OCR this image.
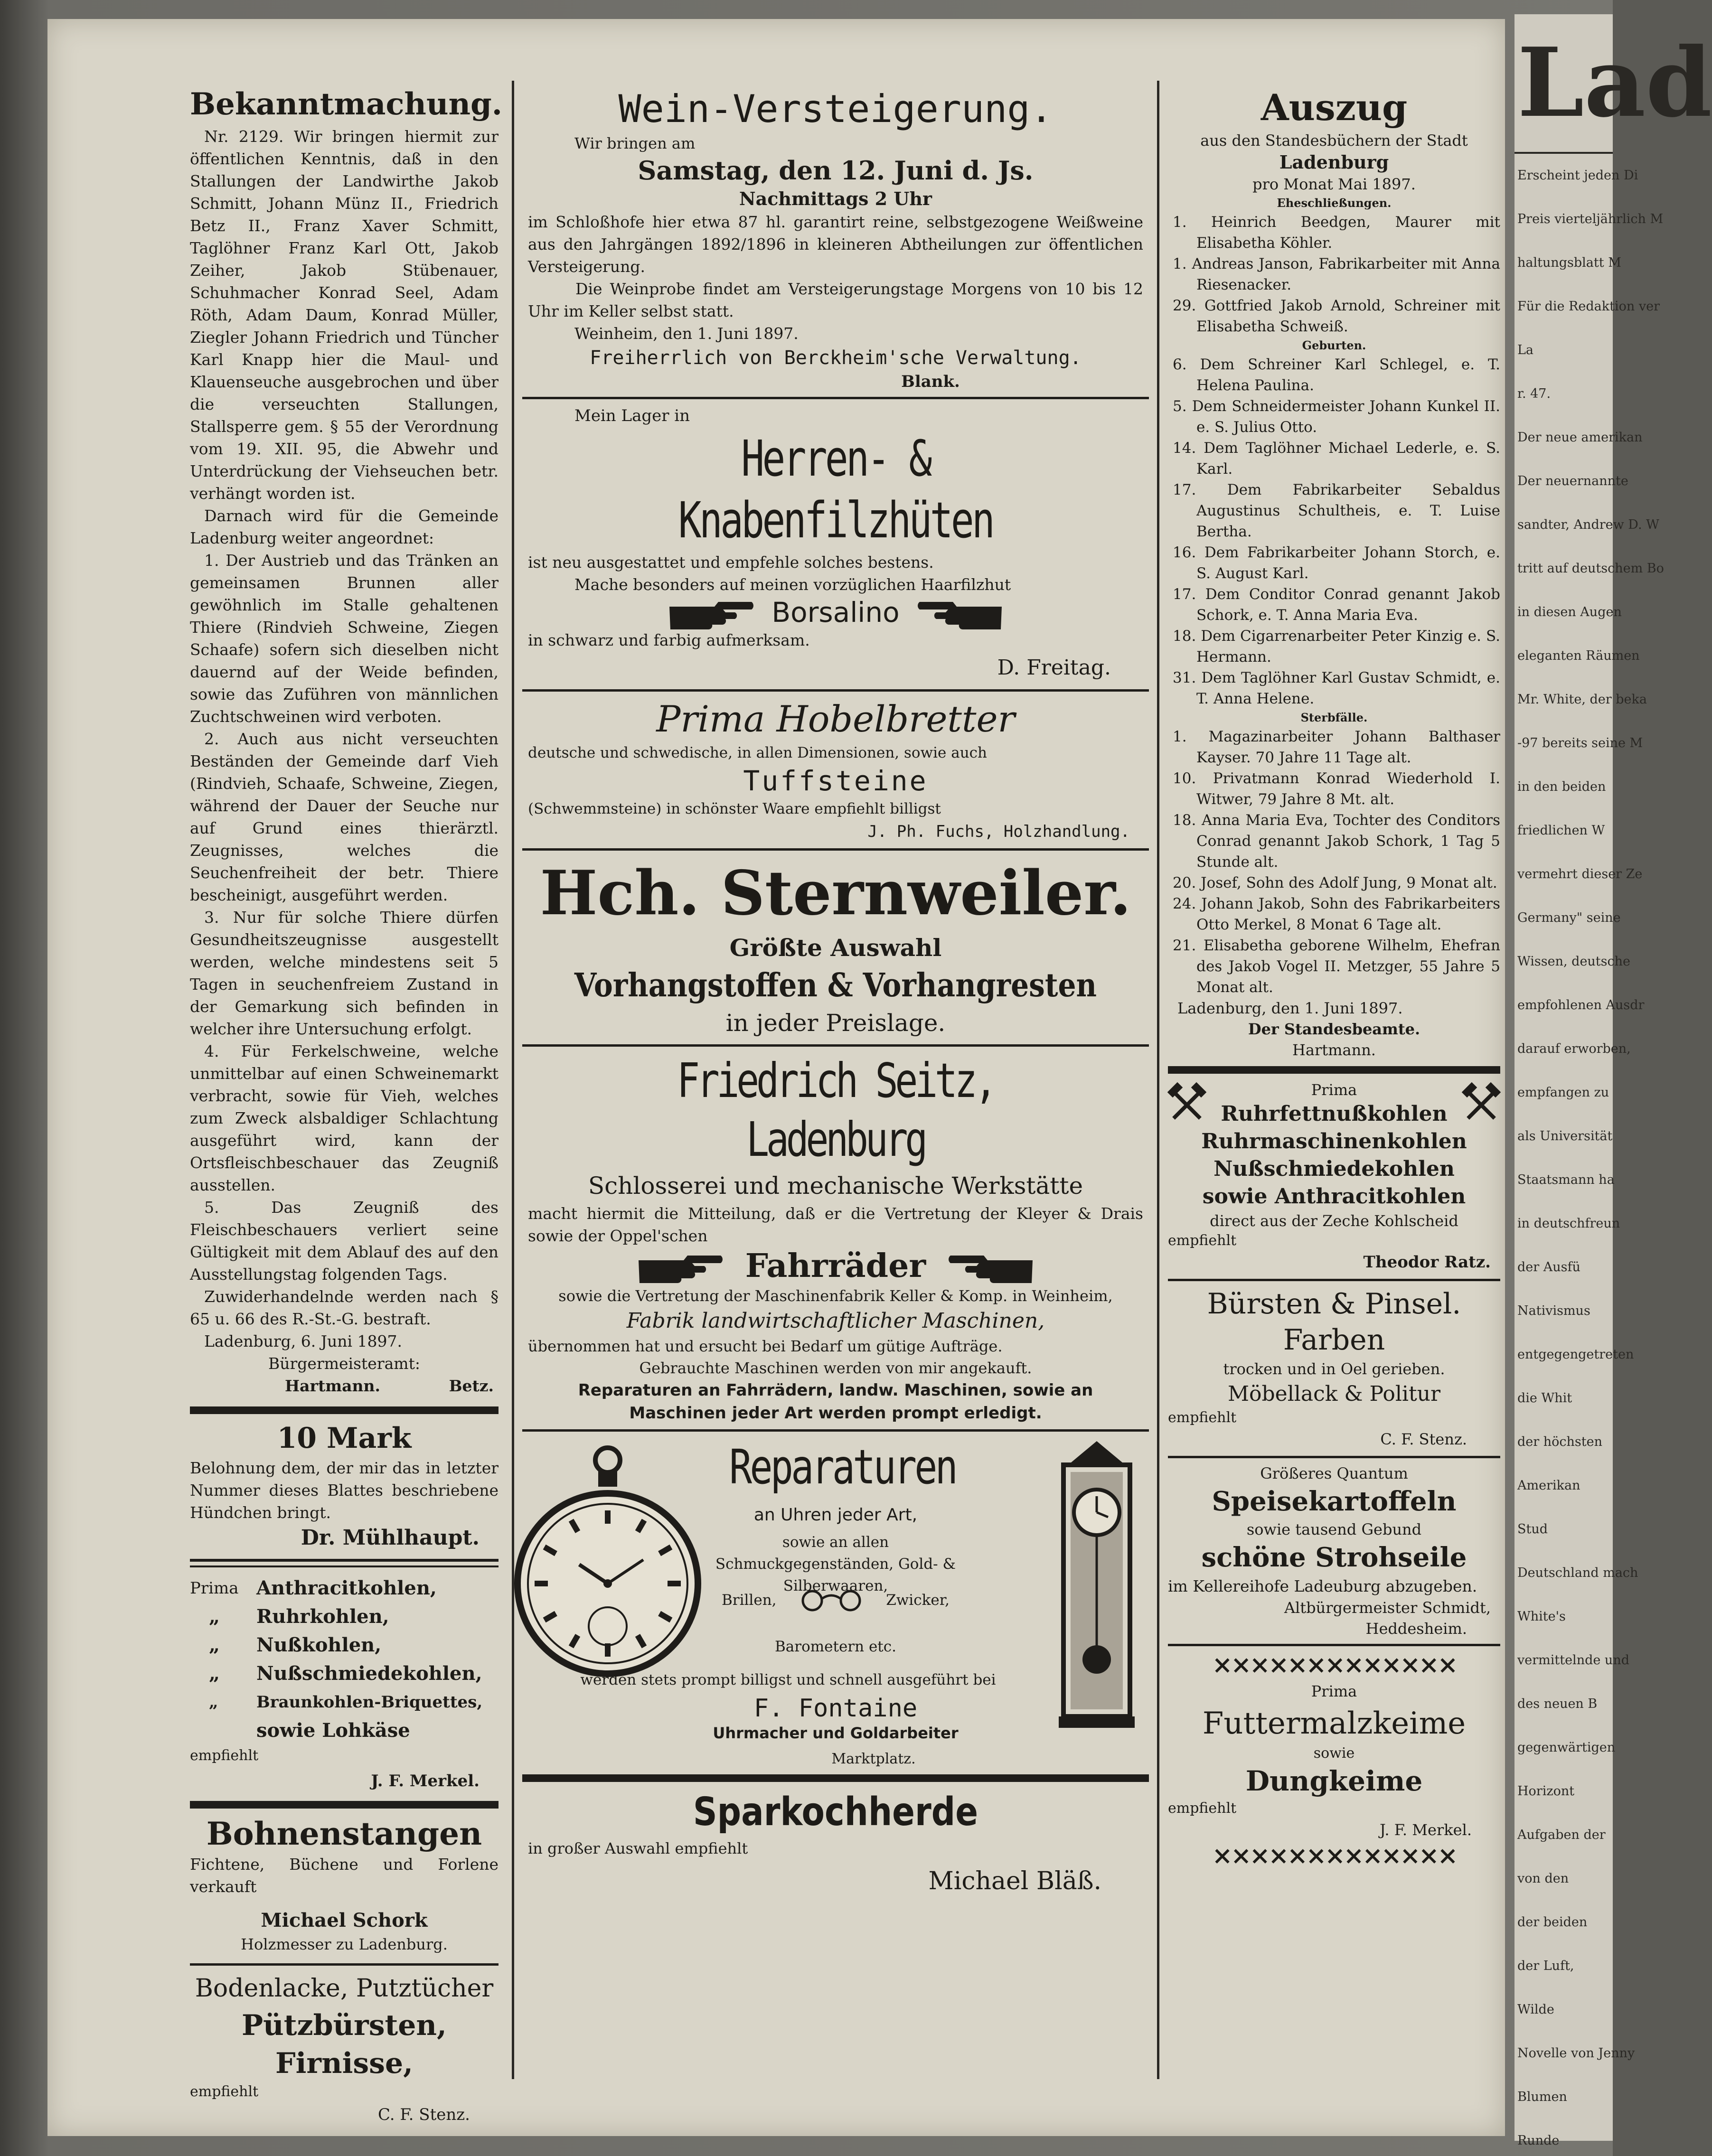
Lad
Erscheint jeden Di
Preis vierteljährlich M
haltungsblatt M
Für die Redaktion ver
La
r. 47.
Der neue amerikan
Der neuernannte
sandter, Andrew D. W
tritt auf deutschem Bo
in diesen Augen
eleganten Räumen
Mr. White, der beka
-97 bereits seine M
in den beiden
friedlichen W
vermehrt dieser Ze
Germany" seine
Wissen, deutsche
empfohlenen Ausdr
darauf erworben,
empfangen zu
als Universität
Staatsmann ha
in deutschfreun
der Ausfü
Nativismus
entgegengetreten
die Whit
der höchsten
Amerikan
Stud
Deutschland mach
White's
vermittelnde und
des neuen B
gegenwärtigen
Horizont
Aufgaben der
von den
der beiden
der Luft,
Wilde
Novelle von Jenny
Blumen
Runde
Bekanntmachung.
Nr. 2129. Wir bringen hiermit zur öffentlichen Kenntnis, daß in den Stallungen der Landwirthe Jakob Schmitt, Johann Münz II., Friedrich Betz II., Franz Xaver Schmitt, Taglöhner Franz Karl Ott, Jakob Zeiher, Jakob Stübenauer, Schuhmacher Konrad Seel, Adam Röth, Adam Daum, Konrad Müller, Ziegler Johann Friedrich und Tüncher Karl Knapp hier die Maul- und Klauenseuche ausgebrochen und über die verseuchten Stallungen, Stallsperre gem. § 55 der Verordnung vom 19. XII. 95, die Abwehr und Unterdrückung der Viehseuchen betr. verhängt worden ist.
Darnach wird für die Gemeinde Ladenburg weiter angeordnet:
1. Der Austrieb und das Tränken an gemeinsamen Brunnen aller gewöhnlich im Stalle gehaltenen Thiere (Rindvieh Schweine, Ziegen Schaafe) sofern sich dieselben nicht dauernd auf der Weide befinden, sowie das Zuführen von männlichen Zuchtschweinen wird verboten.
2. Auch aus nicht verseuchten Beständen der Gemeinde darf Vieh (Rindvieh, Schaafe, Schweine, Ziegen, während der Dauer der Seuche nur auf Grund eines thierärztl. Zeugnisses, welches die Seuchenfreiheit der betr. Thiere bescheinigt, ausgeführt werden.
3. Nur für solche Thiere dürfen Gesundheitszeugnisse ausgestellt werden, welche mindestens seit 5 Tagen in seuchenfreiem Zustand in der Gemarkung sich befinden in welcher ihre Untersuchung erfolgt.
4. Für Ferkelschweine, welche unmittelbar auf einen Schweinemarkt verbracht, sowie für Vieh, welches zum Zweck alsbaldiger Schlachtung ausgeführt wird, kann der Ortsfleischbeschauer das Zeugniß ausstellen.
5. Das Zeugniß des Fleischbeschauers verliert seine Gültigkeit mit dem Ablauf des auf den Ausstellungstag folgenden Tags.
Zuwiderhandelnde werden nach § 65 u. 66 des R.-St.-G. bestraft.
Ladenburg, 6. Juni 1897.
Bürgermeisteramt:
Hartmann.	Betz.
10 Mark
Belohnung dem, der mir das in letzter Nummer dieses Blattes beschriebene Hündchen bringt.
Dr. Mühlhaupt.
Prima Anthracitkohlen,
„	Ruhrkohlen,
„	Nußkohlen,
„	Nußschmiedekohlen,
„	Braunkohlen-Briquettes,
sowie Lohkäse
empfiehlt
J. F. Merkel.
Bohnenstangen
Fichtene, Büchene und Forlene verkauft
Michael Schork
Holzmesser zu Ladenburg.
Bodenlacke, Putztücher
Pützbürsten, Firnisse,
empfiehlt
C. F. Stenz.
Wein-Versteigerung.
Wir bringen am
Samstag, den 12. Juni d. Js.
Nachmittags 2 Uhr
im Schloßhofe hier etwa 87 hl. garantirt reine, selbstgezogene Weißweine aus den Jahrgängen 1892/1896 in kleineren Abtheilungen zur öffentlichen Versteigerung.
Die Weinprobe findet am Versteigerungstage Morgens von 10 bis 12 Uhr im Keller selbst statt.
Weinheim, den 1. Juni 1897.
Freiherrlich von Berckheim'sche Verwaltung.
Blank.
Mein Lager in
Herren- & Knabenfilzhüten
ist neu ausgestattet und empfehle solches bestens.
Mache besonders auf meinen vorzüglichen Haarfilzhut
Borsalino
in schwarz und farbig aufmerksam.
D. Freitag.
Prima Hobelbretter
deutsche und schwedische, in allen Dimensionen, sowie auch
Tuffsteine
(Schwemmsteine) in schönster Waare empfiehlt billigst
J. Ph. Fuchs, Holzhandlung.
Hch. Sternweiler.
Größte Auswahl
Vorhangstoffen & Vorhangresten
in jeder Preislage.
Friedrich Seitz, Ladenburg
Schlosserei und mechanische Werkstätte
macht hiermit die Mitteilung, daß er die Vertretung der Kleyer & Drais sowie der Oppel'schen
Fahrräder
sowie die Vertretung der Maschinenfabrik Keller & Komp. in Weinheim,
Fabrik landwirtschaftlicher Maschinen,
übernommen hat und ersucht bei Bedarf um gütige Aufträge.
Gebrauchte Maschinen werden von mir angekauft.
Reparaturen an Fahrrädern, landw. Maschinen, sowie an Maschinen jeder Art werden prompt erledigt.
Reparaturen
an Uhren jeder Art,
sowie an allen Schmuckgegenständen, Gold- & Silberwaaren,
Brillen,	Zwicker,
Barometern etc.
werden stets prompt billigst und schnell ausgeführt bei
F. Fontaine
Uhrmacher und Goldarbeiter
Marktplatz.
Sparkochherde
in großer Auswahl empfiehlt
Michael Bläß.
Auszug
aus den Standesbüchern der Stadt
Ladenburg
pro Monat Mai 1897.
Eheschließungen.
1. Heinrich Beedgen, Maurer mit Elisabetha Köhler.
1. Andreas Janson, Fabrikarbeiter mit Anna Riesenacker.
29. Gottfried Jakob Arnold, Schreiner mit Elisabetha Schweiß.
Geburten.
6. Dem Schreiner Karl Schlegel, e. T. Helena Paulina.
5. Dem Schneidermeister Johann Kunkel II. e. S. Julius Otto.
14. Dem Taglöhner Michael Lederle, e. S. Karl.
17. Dem Fabrikarbeiter Sebaldus Augustinus Schultheis, e. T. Luise Bertha.
16. Dem Fabrikarbeiter Johann Storch, e. S. August Karl.
17. Dem Conditor Conrad genannt Jakob Schork, e. T. Anna Maria Eva.
18. Dem Cigarrenarbeiter Peter Kinzig e. S. Hermann.
31. Dem Taglöhner Karl Gustav Schmidt, e. T. Anna Helene.
Sterbfälle.
1. Magazinarbeiter Johann Balthaser Kayser. 70 Jahre 11 Tage alt.
10. Privatmann Konrad Wiederhold I. Witwer, 79 Jahre 8 Mt. alt.
18. Anna Maria Eva, Tochter des Conditors Conrad genannt Jakob Schork, 1 Tag 5 Stunde alt.
20. Josef, Sohn des Adolf Jung, 9 Monat alt.
24. Johann Jakob, Sohn des Fabrikarbeiters Otto Merkel, 8 Monat 6 Tage alt.
21. Elisabetha geborene Wilhelm, Ehefran des Jakob Vogel II. Metzger, 55 Jahre 5 Monat alt.
Ladenburg, den 1. Juni 1897.
Der Standesbeamte.
Hartmann.
Prima
Ruhrfettnußkohlen
Ruhrmaschinenkohlen
Nußschmiedekohlen
sowie Anthracitkohlen
direct aus der Zeche Kohlscheid
empfiehlt
Theodor Ratz.
Bürsten & Pinsel.
Farben
trocken und in Oel gerieben.
Möbellack & Politur
empfiehlt
C. F. Stenz.
Größeres Quantum
Speisekartoffeln
sowie tausend Gebund
schöne Strohseile
im Kellereihofe Ladeuburg abzugeben.
Altbürgermeister Schmidt,
Heddesheim.
×××××××××××××
Prima
Futtermalzkeime
sowie
Dungkeime
empfiehlt
J. F. Merkel.
×××××××××××××
